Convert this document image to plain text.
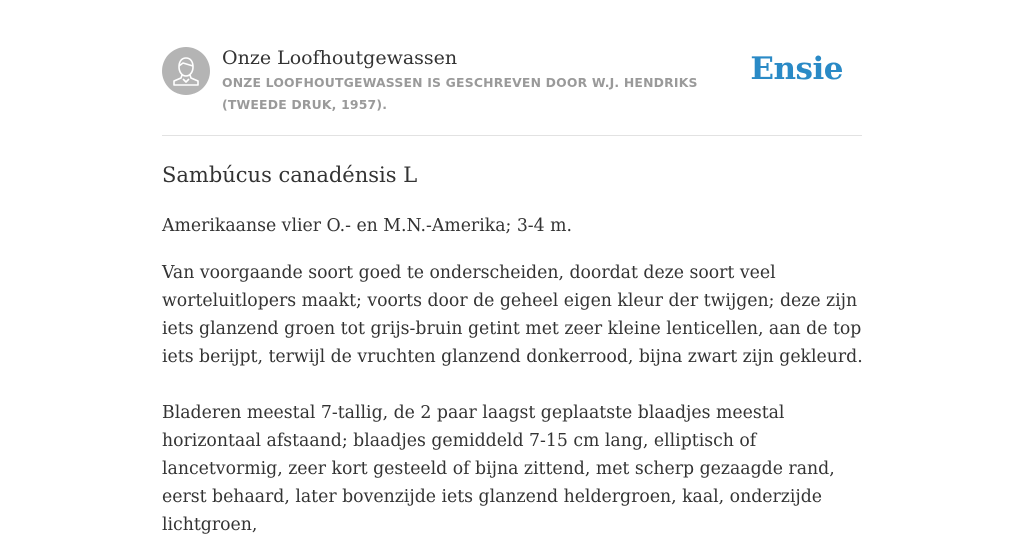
Onze Loofhoutgewassen
ONZE LOOFHOUTGEWASSEN IS GESCHREVEN DOOR W.J. HENDRIKS (TWEEDE DRUK, 1957).
Ensie
Sambúcus canadénsis L

Amerikaanse vlier O.- en M.N.-Amerika; 3-4 m.

Van voorgaande soort goed te onderscheiden, doordat deze soort veel worteluitlopers maakt; voorts door de geheel eigen kleur der twijgen; deze zijn iets glanzend groen tot grijs-bruin getint met zeer kleine lenticellen, aan de top iets berijpt, terwijl de vruchten glanzend donkerrood, bijna zwart zijn gekleurd.

Bladeren meestal 7-tallig, de 2 paar laagst geplaatste blaadjes meestal horizontaal afstaand; blaadjes gemiddeld 7-15 cm lang, elliptisch of lancetvormig, zeer kort gesteeld of bijna zittend, met scherp gezaagde rand, eerst behaard, later bovenzijde iets glanzend heldergroen, kaal, onderzijde lichtgroen,
